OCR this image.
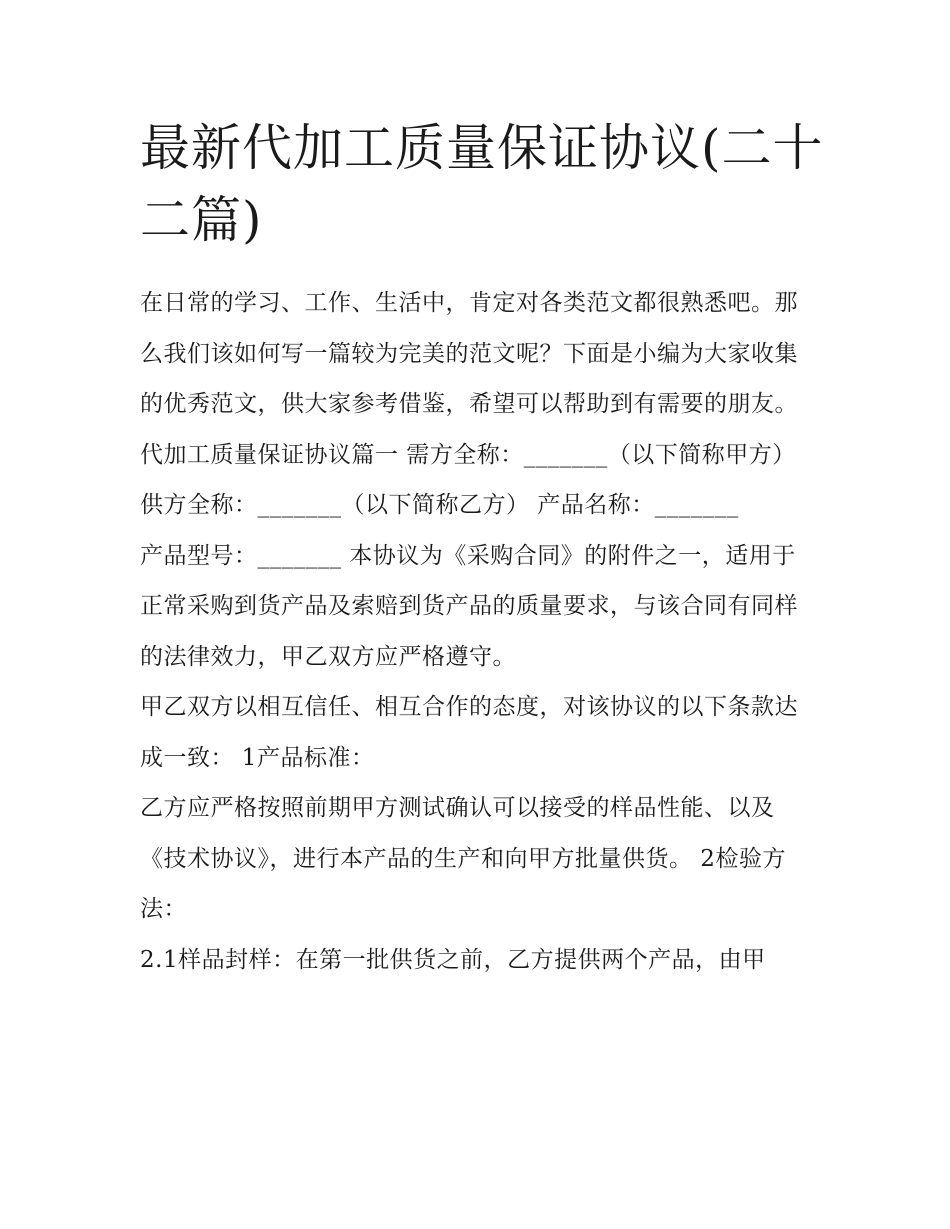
最新代加工质量保证协议(二十二篇)

在日常的学习、工作、生活中，肯定对各类范文都很熟悉吧。那么我们该如何写一篇较为完美的范文呢？下面是小编为大家收集的优秀范文，供大家参考借鉴，希望可以帮助到有需要的朋友。

代加工质量保证协议篇一 需方全称：_______（以下简称甲方） 供方全称：_______（以下简称乙方） 产品名称：_______

产品型号：_______ 本协议为《采购合同》的附件之一，适用于正常采购到货产品及索赔到货产品的质量要求，与该合同有同样的法律效力，甲乙双方应严格遵守。

甲乙双方以相互信任、相互合作的态度，对该协议的以下条款达成一致： 1产品标准：

乙方应严格按照前期甲方测试确认可以接受的样品性能、以及《技术协议》，进行本产品的生产和向甲方批量供货。 2检验方法：

2.1样品封样：在第一批供货之前，乙方提供两个产品，由甲
